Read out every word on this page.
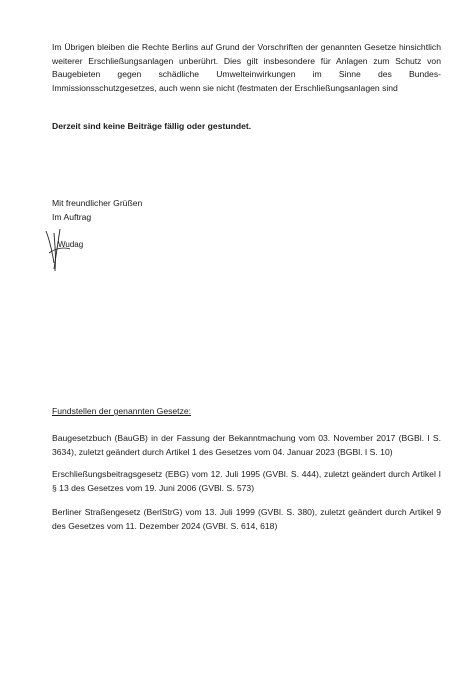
Im Übrigen bleiben die Rechte Berlins auf Grund der Vorschriften der genannten Gesetze hinsichtlich weiterer Erschließungsanlagen unberührt. Dies gilt insbesondere für Anlagen zum Schutz von Baugebieten gegen schädliche Umwelteinwirkungen im Sinne des Bundes-Immissionsschutzgesetzes, auch wenn sie nicht (festmaten der Erschließungsanlagen sind

Derzeit sind keine Beiträge fällig oder gestundet.

Mit freundlicher Grüßen
Im Auftrag
Wudag
Fundstellen der genannten Gesetze:

Baugesetzbuch (BauGB) in der Fassung der Bekanntmachung vom 03. November 2017 (BGBl. I S. 3634), zuletzt geändert durch Artikel 1 des Gesetzes vom 04. Januar 2023 (BGBl. I S. 10)

Erschließungsbeitragsgesetz (EBG) vom 12. Juli 1995 (GVBl. S. 444), zuletzt geändert durch Artikel I § 13 des Gesetzes vom 19. Juni 2006 (GVBl. S. 573)

Berliner Straßengesetz (BerlStrG) vom 13. Juli 1999 (GVBl. S. 380), zuletzt geändert durch Artikel 9 des Gesetzes vom 11. Dezember 2024 (GVBl. S. 614, 618)
